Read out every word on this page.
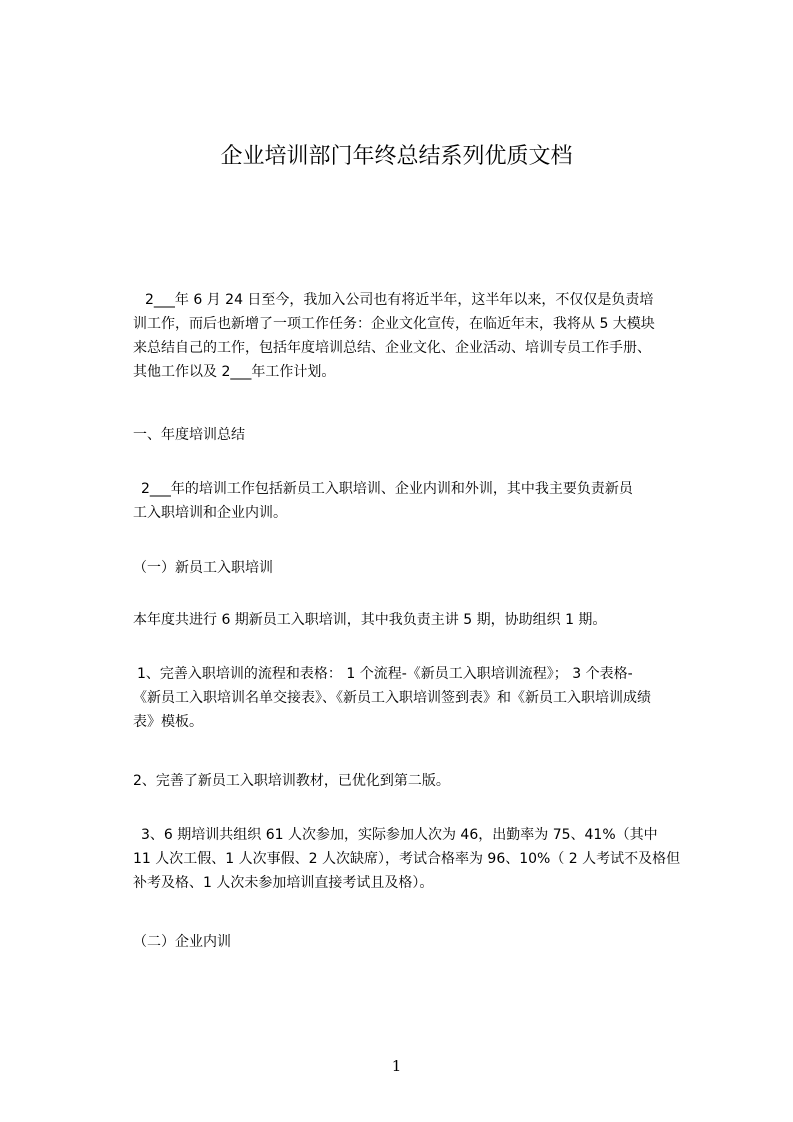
企业培训部门年终总结系列优质文档
2___年 6 月 24 日至今，我加入公司也有将近半年，这半年以来，不仅仅是负责培
训工作，而后也新增了一项工作任务：企业文化宣传，在临近年末，我将从 5 大模块
来总结自己的工作，包括年度培训总结、企业文化、企业活动、培训专员工作手册、
其他工作以及 2___年工作计划。
一、年度培训总结
2___年的培训工作包括新员工入职培训、企业内训和外训，其中我主要负责新员
工入职培训和企业内训。
（一）新员工入职培训
本年度共进行 6 期新员工入职培训，其中我负责主讲 5 期，协助组织 1 期。
1、完善入职培训的流程和表格： 1 个流程-《新员工入职培训流程》； 3 个表格-
《新员工入职培训名单交接表》、《新员工入职培训签到表》和《新员工入职培训成绩
表》模板。
2、完善了新员工入职培训教材，已优化到第二版。
3、6 期培训共组织 61 人次参加，实际参加人次为 46，出勤率为 75、41%（其中
11 人次工假、1 人次事假、2 人次缺席），考试合格率为 96、10%（ 2 人考试不及格但
补考及格、1 人次未参加培训直接考试且及格）。
（二）企业内训
1
